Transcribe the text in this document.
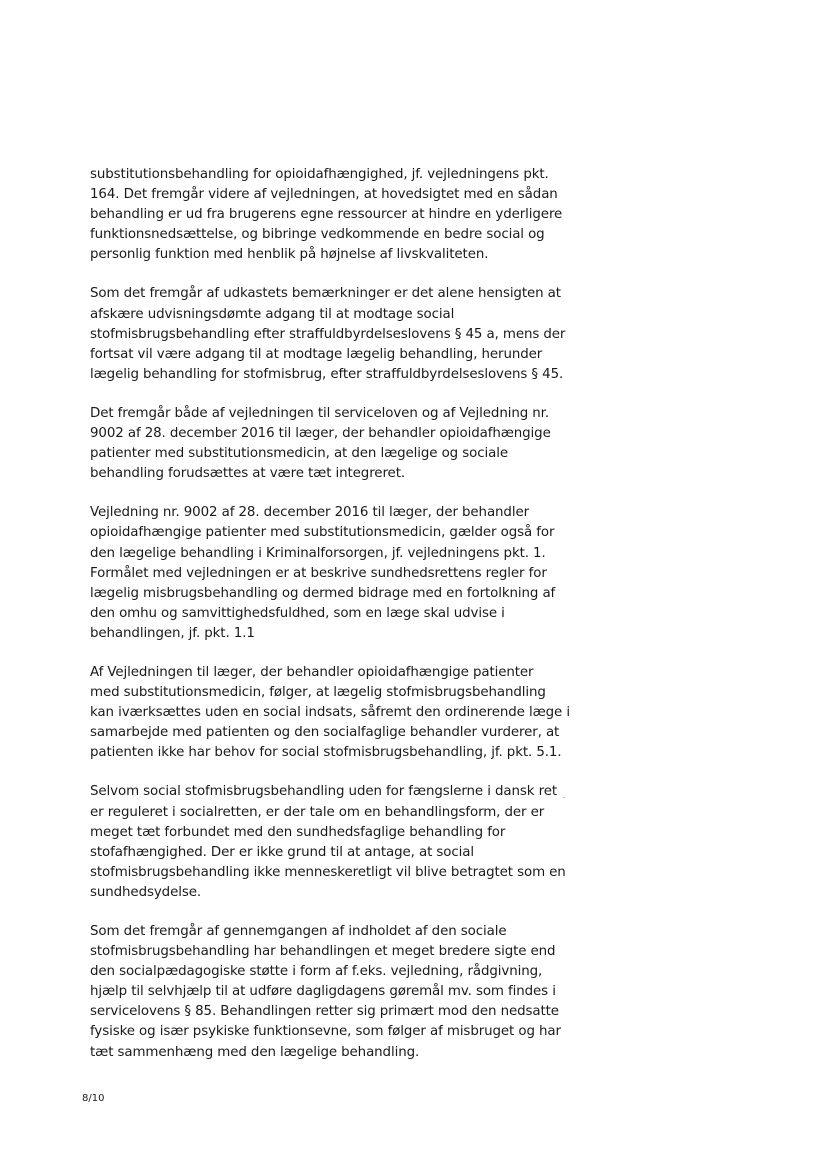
substitutionsbehandling for opioidafhængighed, jf. vejledningens pkt.
164. Det fremgår videre af vejledningen, at hovedsigtet med en sådan
behandling er ud fra brugerens egne ressourcer at hindre en yderligere
funktionsnedsættelse, og bibringe vedkommende en bedre social og
personlig funktion med henblik på højnelse af livskvaliteten.

Som det fremgår af udkastets bemærkninger er det alene hensigten at
afskære udvisningsdømte adgang til at modtage social
stofmisbrugsbehandling efter straffuldbyrdelseslovens § 45 a, mens der
fortsat vil være adgang til at modtage lægelig behandling, herunder
lægelig behandling for stofmisbrug, efter straffuldbyrdelseslovens § 45.

Det fremgår både af vejledningen til serviceloven og af Vejledning nr.
9002 af 28. december 2016 til læger, der behandler opioidafhængige
patienter med substitutionsmedicin, at den lægelige og sociale
behandling forudsættes at være tæt integreret.

Vejledning nr. 9002 af 28. december 2016 til læger, der behandler
opioidafhængige patienter med substitutionsmedicin, gælder også for
den lægelige behandling i Kriminalforsorgen, jf. vejledningens pkt. 1.
Formålet med vejledningen er at beskrive sundhedsrettens regler for
lægelig misbrugsbehandling og dermed bidrage med en fortolkning af
den omhu og samvittighedsfuldhed, som en læge skal udvise i
behandlingen, jf. pkt. 1.1

Af Vejledningen til læger, der behandler opioidafhængige patienter
med substitutionsmedicin, følger, at lægelig stofmisbrugsbehandling
kan iværksættes uden en social indsats, såfremt den ordinerende læge i
samarbejde med patienten og den socialfaglige behandler vurderer, at
patienten ikke har behov for social stofmisbrugsbehandling, jf. pkt. 5.1.

Selvom social stofmisbrugsbehandling uden for fængslerne i dansk ret
er reguleret i socialretten, er der tale om en behandlingsform, der er
meget tæt forbundet med den sundhedsfaglige behandling for
stofafhængighed. Der er ikke grund til at antage, at social
stofmisbrugsbehandling ikke menneskeretligt vil blive betragtet som en
sundhedsydelse.

Som det fremgår af gennemgangen af indholdet af den sociale
stofmisbrugsbehandling har behandlingen et meget bredere sigte end
den socialpædagogiske støtte i form af f.eks. vejledning, rådgivning,
hjælp til selvhjælp til at udføre dagligdagens gøremål mv. som findes i
servicelovens § 85. Behandlingen retter sig primært mod den nedsatte
fysiske og især psykiske funktionsevne, som følger af misbruget og har
tæt sammenhæng med den lægelige behandling.

8/10
